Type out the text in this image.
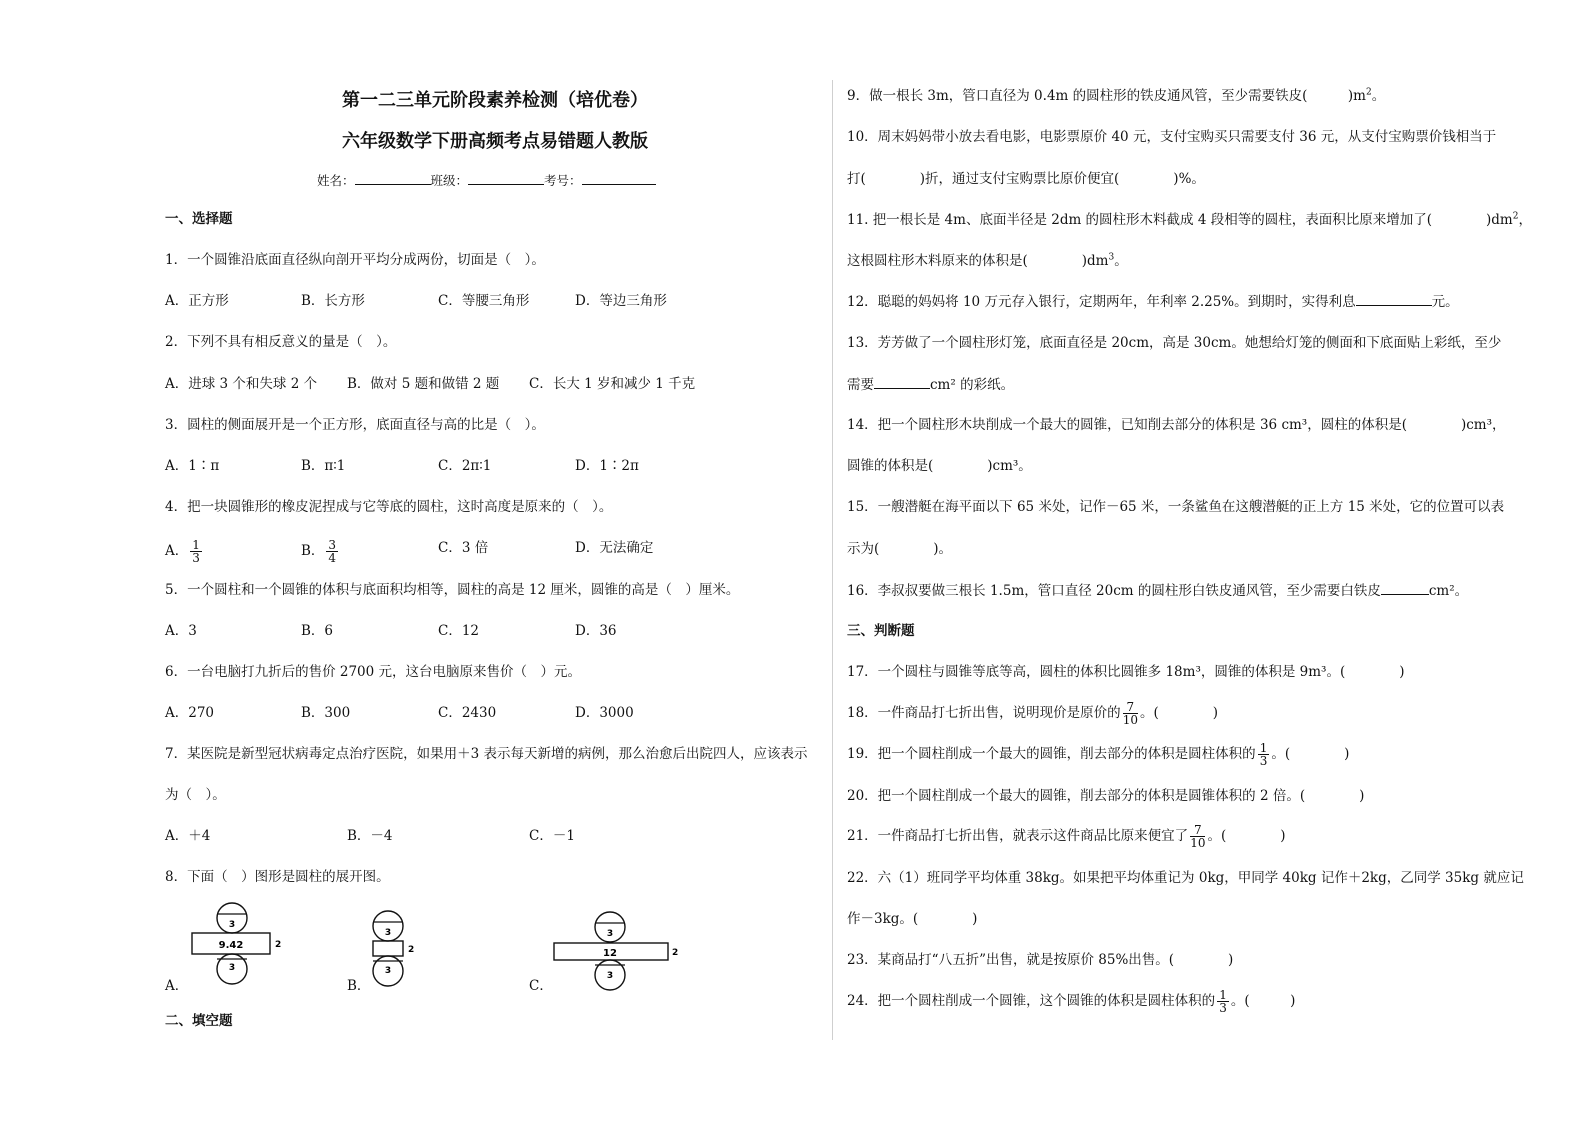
第一二三单元阶段素养检测（培优卷）
六年级数学下册高频考点易错题人教版
姓名：	班级：	考号：
一、选择题
1．一个圆锥沿底面直径纵向剖开平均分成两份，切面是（　）。
A．正方形	B．长方形	C．等腰三角形	D．等边三角形
2．下列不具有相反意义的量是（　）。
A．进球 3 个和失球 2 个 B．做对 5 题和做错 2 题 C．长大 1 岁和减少 1 千克
3．圆柱的侧面展开是一个正方形，底面直径与高的比是（　）。
A．1∶π	B．π∶1	C．2π∶1	D．1∶2π
4．把一块圆锥形的橡皮泥捏成与它等底的圆柱，这时高度是原来的（　）。
A． $\frac{1}{3}$	B． $\frac{3}{4}$	C．3 倍	D．无法确定
5．一个圆柱和一个圆锥的体积与底面积均相等，圆柱的高是 12 厘米，圆锥的高是（　）厘米。
A．3	B．6	C．12	D．36
6．一台电脑打九折后的售价 2700 元，这台电脑原来售价（　）元。
A．270	B．300	C．2430	D．3000
7．某医院是新型冠状病毒定点治疗医院，如果用＋3 表示每天新增的病例，那么治愈后出院四人，应该表示
为（　）。
A．＋4	B．－4	C．－1
8．下面（　）图形是圆柱的展开图。
3
9.42	2
3
3
2
3
3
12	2
3
A．	B．	C．
二、填空题
9．做一根长 3m，管口直径为 0.4m 的圆柱形的铁皮通风管，至少需要铁皮(　　　)$m^2$。
10．周末妈妈带小放去看电影，电影票原价 40 元，支付宝购买只需要支付 36 元，从支付宝购票价钱相当于
打(　　　　)折，通过支付宝购票比原价便宜(　　　　)%。
11. 把一根长是 4m、底面半径是 2dm 的圆柱形木料截成 4 段相等的圆柱，表面积比原来增加了(　　　　)$dm^2$，
这根圆柱形木料原来的体积是(　　　　)$dm^3$。
12．聪聪的妈妈将 10 万元存入银行，定期两年，年利率 2.25%。到期时，实得利息	元。
13．芳芳做了一个圆柱形灯笼，底面直径是 20cm，高是 30cm。她想给灯笼的侧面和下底面贴上彩纸，至少
需要	cm² 的彩纸。
14．把一个圆柱形木块削成一个最大的圆锥，已知削去部分的体积是 36 cm³，圆柱的体积是(　　　　)cm³，
圆锥的体积是(　　　　)cm³。
15．一艘潜艇在海平面以下 65 米处，记作－65 米，一条鲨鱼在这艘潜艇的正上方 15 米处，它的位置可以表
示为(　　　　)。
16．李叔叔要做三根长 1.5m，管口直径 20cm 的圆柱形白铁皮通风管，至少需要白铁皮	cm²。
三、判断题
17．一个圆柱与圆锥等底等高，圆柱的体积比圆锥多 18m³，圆锥的体积是 9m³。(　　　　)
18．一件商品打七折出售，说明现价是原价的 $\frac{7}{10}$ 。(　　　　)
19．把一个圆柱削成一个最大的圆锥，削去部分的体积是圆柱体积的 $\frac{1}{3}$ 。(　　　　)
20．把一个圆柱削成一个最大的圆锥，削去部分的体积是圆锥体积的 2 倍。(　　　　)
21．一件商品打七折出售，就表示这件商品比原来便宜了 $\frac{7}{10}$ 。(　　　　)
22．六（1）班同学平均体重 38kg。如果把平均体重记为 0kg，甲同学 40kg 记作＋2kg，乙同学 35kg 就应记
作－3kg。(　　　　)
23．某商品打“八五折”出售，就是按原价 85%出售。(　　　　)
24．把一个圆柱削成一个圆锥，这个圆锥的体积是圆柱体积的 $\frac{1}{3}$ 。(　　　)
